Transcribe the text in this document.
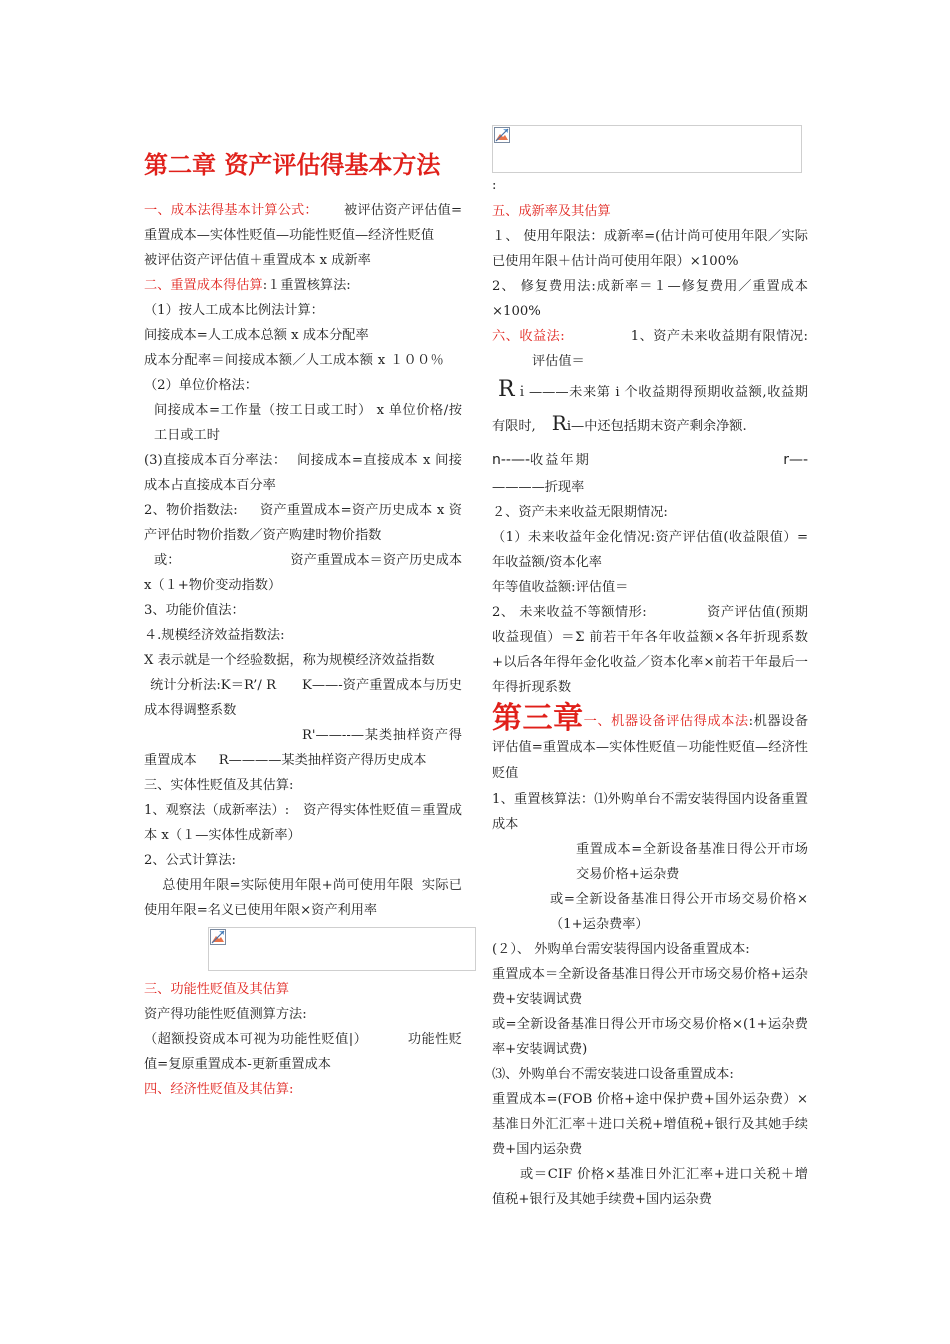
第二章 资产评估得基本方法

一、成本法得基本计算公式： 被评估资产评估值=重置成本—实体性贬值—功能性贬值—经济性贬值

被评估资产评估值＋重置成本 x 成新率

二、重置成本得估算:１重置核算法:

（1）按人工成本比例法计算：

间接成本=人工成本总额 x 成本分配率

成本分配率＝间接成本额／人工成本额 x １００％

（2）单位价格法：

间接成本=工作量（按工日或工时） x 单位价格/按工日或工时

(3)直接成本百分率法： 间接成本=直接成本 x 间接成本占直接成本百分率

2、物价指数法: 资产重置成本=资产历史成本 x 资产评估时物价指数／资产购建时物价指数

或：	资产重置成本＝资产历史成本 x（１+物价变动指数）

3、功能价值法：

４.规模经济效益指数法:

X 表示就是一个经验数据，称为规模经济效益指数

统计分析法:K＝R’/ R K——-资产重置成本与历史成本得调整系数

R'——--—某类抽样资产得重置成本 R————某类抽样资产得历史成本

三、实体性贬值及其估算:

1、观察法（成新率法）: 资产得实体性贬值＝重置成本 x（１—实体性成新率）

2、公式计算法:

总使用年限=实际使用年限+尚可使用年限 实际已使用年限=名义已使用年限×资产利用率

三、功能性贬值及其估算

资产得功能性贬值测算方法:

（超额投资成本可视为功能性贬值|）	功能性贬值=复原重置成本-更新重置成本

四、经济性贬值及其估算:

:

五、成新率及其估算

１、 使用年限法：成新率=(估计尚可使用年限／实际已使用年限＋估计尚可使用年限）×100%

2、 修复费用法:成新率＝１—修复费用／重置成本×100%

六、收益法:	1、资产未来收益期有限情况:评估值＝

Rｉ———未来第 i 个收益期得预期收益额,收益期有限时, Ri—中还包括期末资产剩余净额.

n--—-收益年期	r—-

————折现率

２、资产未来收益无限期情况:

（1）未来收益年金化情况:资产评估值(收益限值）=年收益额/资本化率

年等值收益额:评估值＝

2、 未来收益不等额情形:	资产评估值(预期收益现值）＝Σ 前若干年各年收益额×各年折现系数+以后各年得年金化收益／资本化率×前若干年最后一年得折现系数

第三章一、机器设备评估得成本法:机器设备评估值=重置成本—实体性贬值－功能性贬值—经济性贬值

1、重置核算法：⑴外购单台不需安装得国内设备重置成本

重置成本=全新设备基准日得公开市场交易价格+运杂费

或=全新设备基准日得公开市场交易价格×（1+运杂费率）

(２）、 外购单台需安装得国内设备重置成本:

重置成本＝全新设备基准日得公开市场交易价格+运杂费+安装调试费

或=全新设备基准日得公开市场交易价格×(1+运杂费率+安装调试费)

⑶、外购单台不需安装进口设备重置成本:

重置成本=(FOB 价格+途中保护费+国外运杂费）×基准日外汇汇率＋进口关税+增值税+银行及其她手续费+国内运杂费

或＝CIF 价格×基准日外汇汇率+进口关税＋增值税+银行及其她手续费+国内运杂费
